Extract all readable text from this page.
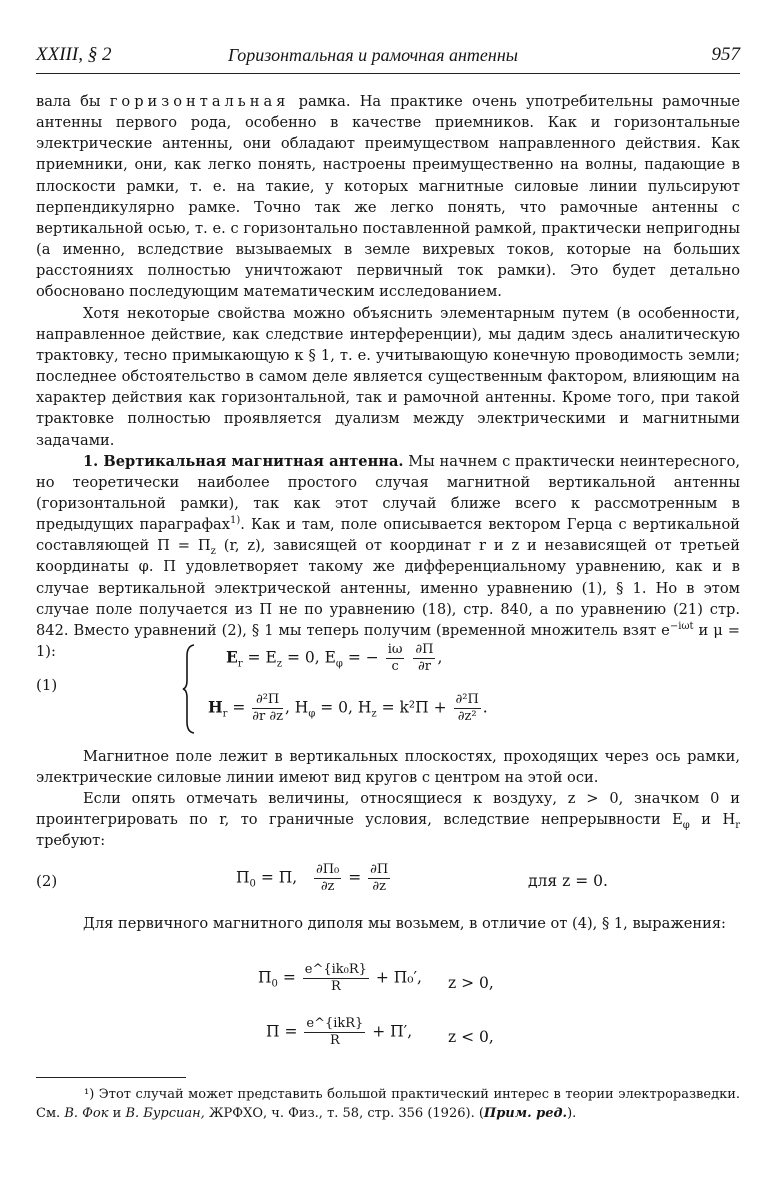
XXIII, § 2	Горизонтальная и рамочная антенны	957

вала бы горизонтальная рамка. На практике очень употребительны рамочные антенны первого рода, особенно в качестве приемников. Как и горизонтальные электрические антенны, они обладают преимуществом направленного действия. Как приемники, они, как легко понять, настроены преимущественно на волны, падающие в плоскости рамки, т. е. на такие, у которых магнитные силовые линии пульсируют перпендикулярно рамке. Точно так же легко понять, что рамочные антенны с вертикальной осью, т. е. с горизонтально поставленной рамкой, практически непригодны (а именно, вследствие вызываемых в земле вихревых токов, которые на больших расстояниях полностью уничтожают первичный ток рамки). Это будет детально обосновано последующим математическим исследованием.

Хотя некоторые свойства можно объяснить элементарным путем (в особенности, направленное действие, как следствие интерференции), мы дадим здесь аналитическую трактовку, тесно примыкающую к § 1, т. е. учитывающую конечную проводимость земли; последнее обстоятельство в самом деле является существенным фактором, влияющим на характер действия как горизонтальной, так и рамочной антенны. Кроме того, при такой трактовке полностью проявляется дуализм между электрическими и магнитными задачами.

1. Вертикальная магнитная антенна. Мы начнем с практически неинтересного, но теоретически наиболее простого случая магнитной вертикальной антенны (горизонтальной рамки), так как этот случай ближе всего к рассмотренным в предыдущих параграфах$^{1)}$. Как и там, поле описывается вектором Герца с вертикальной составляющей $\Pi = \Pi_z$ (r, z), зависящей от координат r и z и независящей от третьей координаты φ. Π удовлетворяет такому же дифференциальному уравнению, как и в случае вертикальной электрической антенны, именно уравнению (1), § 1. Но в этом случае поле получается из Π не по уравнению (18), стр. 840, а по уравнению (21) стр. 842. Вместо уравнений (2), § 1 мы теперь получим (временной множитель взят $e^{-i\omega t}$ и μ = 1):

(1)
$E_r = E_z = 0$, $E_\varphi$ = − $\frac{i\omega}{c}$
$\frac{\partial\Pi}{\partial r}$ ,
$H_r = \frac{\text{∂²Π}}{\partial r \partial z}$ , $H_\varphi = 0$, $H_z = k^2\Pi + \frac{\text{∂²Π}}{\text{∂z²}}$ .

Магнитное поле лежит в вертикальных плоскостях, проходящих через ось рамки, электрические силовые линии имеют вид кругов с центром на этой оси.

Если опять отмечать величины, относящиеся к воздуху, z > 0, значком 0 и проинтегрировать по r, то граничные условия, вследствие непрерывности $E_\varphi$ и $H_r$ требуют:

(2)	$\Pi_0 = \Pi$, $\frac{\text{∂Π₀}}{\partial z} = \frac{\partial\Pi}{\partial z}$	для z = 0.

Для первичного магнитного диполя мы возьмем, в отличие от (4), § 1, выражения:

$\Pi_0 = \frac{\text{e\textasciicircum{}\{ik₀R\}}}{R} + \Pi_0'$, z > 0,
$\Pi = \frac{\text{e\textasciicircum{}\{ikR\}}}{R} + \Pi'$, z < 0,

¹) Этот случай может представить большой практический интерес в теории электроразведки. См. В. Фок и В. Бурсиан, ЖРФХО, ч. Физ., т. 58, стр. 356 (1926). (Прим. ред.).
